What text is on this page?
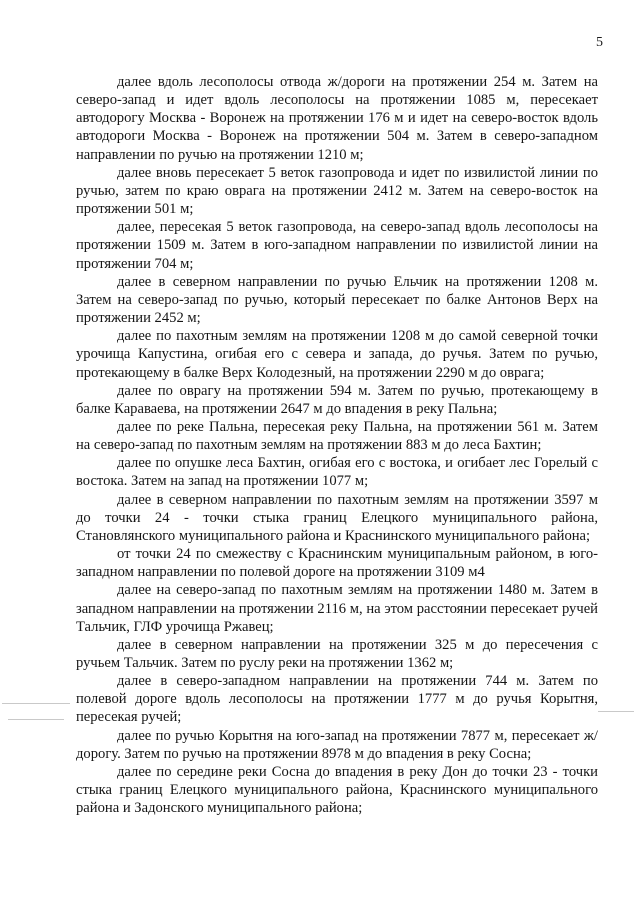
5

далее вдоль лесополосы отвода ж/дороги на протяжении 254 м. Затем на северо-запад и идет вдоль лесополосы на протяжении 1085 м, пересекает автодорогу Москва - Воронеж на протяжении 176 м и идет на северо-восток вдоль автодороги Москва - Воронеж на протяжении 504 м. Затем в северо-западном направлении по ручью на протяжении 1210 м;

далее вновь пересекает 5 веток газопровода и идет по извилистой линии по ручью, затем по краю оврага на протяжении 2412 м. Затем на северо-восток на протяжении 501 м;

далее, пересекая 5 веток газопровода, на северо-запад вдоль лесополосы на протяжении 1509 м. Затем в юго-западном направлении по извилистой линии на протяжении 704 м;

далее в северном направлении по ручью Ельчик на протяжении 1208 м. Затем на северо-запад по ручью, который пересекает по балке Антонов Верх на протяжении 2452 м;

далее по пахотным землям на протяжении 1208 м до самой северной точки урочища Капустина, огибая его с севера и запада, до ручья. Затем по ручью, протекающему в балке Верх Колодезный, на протяжении 2290 м до оврага;

далее по оврагу на протяжении 594 м. Затем по ручью, протекающему в балке Караваева, на протяжении 2647 м до впадения в реку Пальна;

далее по реке Пальна, пересекая реку Пальна, на протяжении 561 м. Затем на северо-запад по пахотным землям на протяжении 883 м до леса Бахтин;

далее по опушке леса Бахтин, огибая его с востока, и огибает лес Горелый с востока. Затем на запад на протяжении 1077 м;

далее в северном направлении по пахотным землям на протяжении 3597 м до точки 24 - точки стыка границ Елецкого муниципального района, Становлянского муниципального района и Краснинского муниципального района;

от точки 24 по смежеству с Краснинским муниципальным районом, в юго-западном направлении по полевой дороге на протяжении 3109 м4

далее на северо-запад по пахотным землям на протяжении 1480 м. Затем в западном направлении на протяжении 2116 м, на этом расстоянии пересекает ручей Тальчик, ГЛФ урочища Ржавец;

далее в северном направлении на протяжении 325 м до пересечения с ручьем Тальчик. Затем по руслу реки на протяжении 1362 м;

далее в северо-западном направлении на протяжении 744 м. Затем по полевой дороге вдоль лесополосы на протяжении 1777 м до ручья Корытня, пересекая ручей;

далее по ручью Корытня на юго-запад на протяжении 7877 м, пересекает ж/дорогу. Затем по ручью на протяжении 8978 м до впадения в реку Сосна;

далее по середине реки Сосна до впадения в реку Дон до точки 23 - точки стыка границ Елецкого муниципального района, Краснинского муниципального района и Задонского муниципального района;
